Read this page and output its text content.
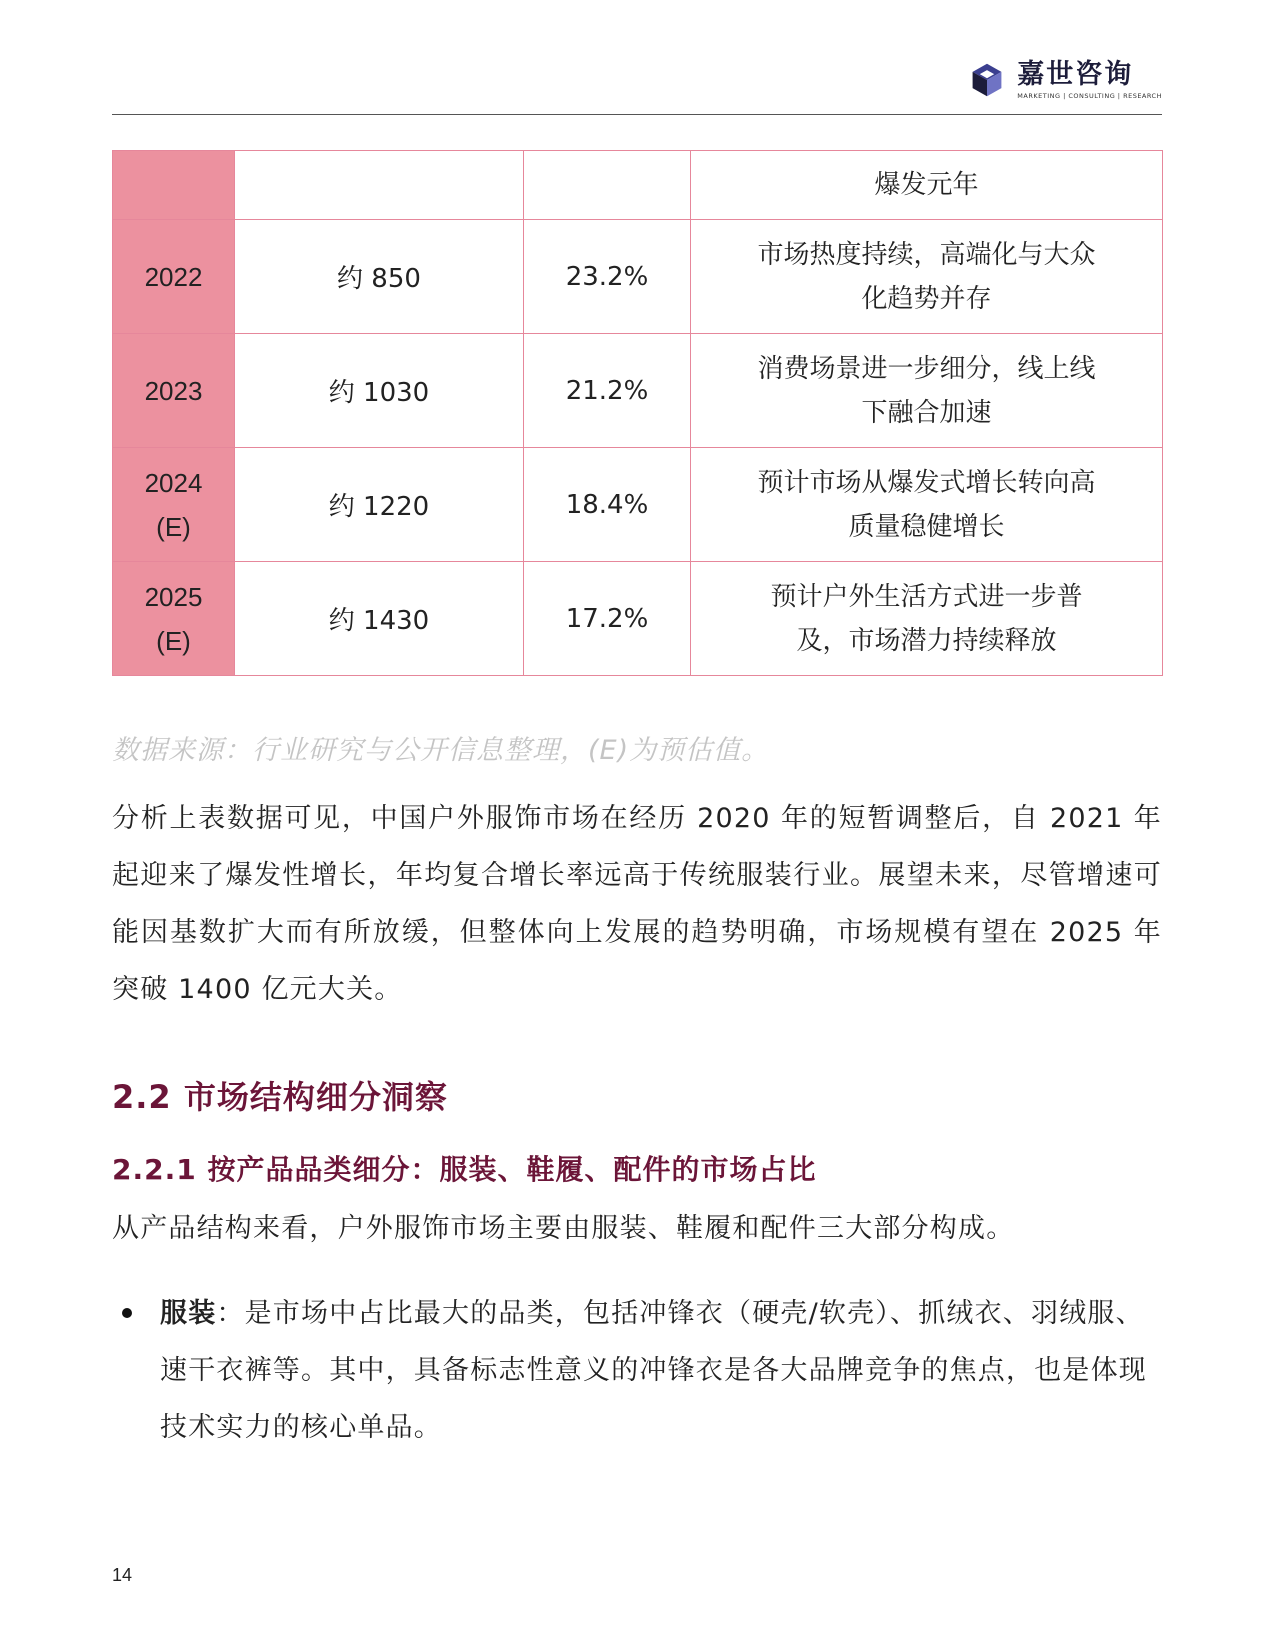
嘉世咨询
MARKETING | CONSULTING | RESEARCH
			爆发元年
2022	约 850	23.2%	市场热度持续，高端化与大众
化趋势并存
2023	约 1030	21.2%	消费场景进一步细分，线上线
下融合加速
2024
(E)	约 1220	18.4%	预计市场从爆发式增长转向高
质量稳健增长
2025
(E)	约 1430	17.2%	预计户外生活方式进一步普
及，市场潜力持续释放
数据来源：行业研究与公开信息整理，(E)为预估值。
分析上表数据可见，中国户外服饰市场在经历 2020 年的短暂调整后，自 2021 年起迎来了爆发性增长，年均复合增长率远高于传统服装行业。展望未来，尽管增速可能因基数扩大而有所放缓，但整体向上发展的趋势明确，市场规模有望在 2025 年突破 1400 亿元大关。
2.2 市场结构细分洞察
2.2.1 按产品品类细分：服装、鞋履、配件的市场占比
从产品结构来看，户外服饰市场主要由服装、鞋履和配件三大部分构成。
服装：是市场中占比最大的品类，包括冲锋衣（硬壳/软壳）、抓绒衣、羽绒服、速干衣裤等。其中，具备标志性意义的冲锋衣是各大品牌竞争的焦点，也是体现技术实力的核心单品。
14
